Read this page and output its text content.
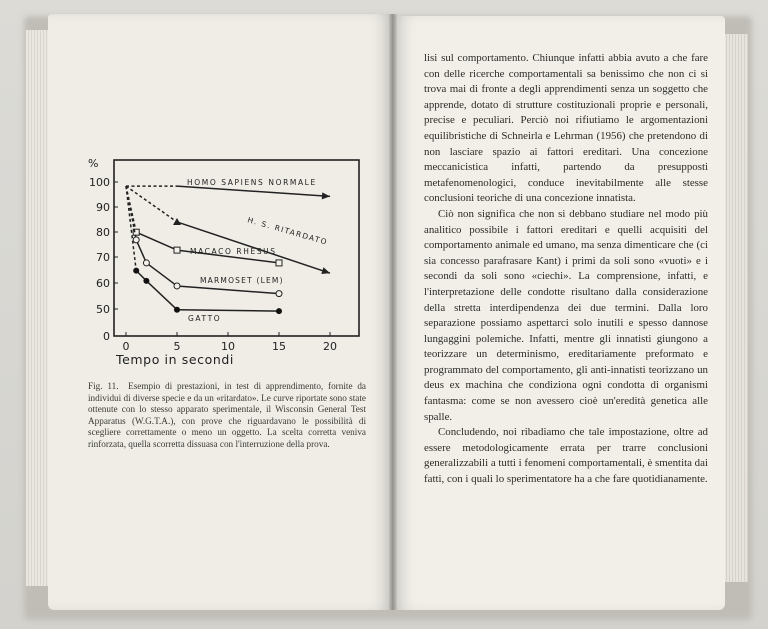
%
0
50
60
70
80
90
100
0	5	10	15	20
HOMO SAPIENS NORMALE
H. S. RITARDATO
MACACO RHESUS
MARMOSET (LEM)
GATTO
Tempo in secondi

Fig. 11. Esempio di prestazioni, in test di apprendimento, fornite da individui di diverse specie e da un «ritardato». Le curve riportate sono state ottenute con lo stesso apparato sperimentale, il Wisconsin General Test Apparatus (W.G.T.A.), con prove che riguardavano le possibilità di scegliere correttamente o meno un oggetto. La scelta corretta veniva rinforzata, quella scorretta dissuasa con l'interruzione della prova.

lisi sul comportamento. Chiunque infatti abbia avuto a che fare con delle ricerche comportamentali sa benissimo che non ci si trova mai di fronte a degli apprendimenti senza un soggetto che apprende, dotato di strutture costituzionali proprie e personali, precise e peculiari. Perciò noi rifiutiamo le argomentazioni equilibristiche di Schneirla e Lehrman (1956) che pretendono di non lasciare spazio ai fattori ereditari. Una concezione meccanicistica infatti, partendo da presupposti metafenomenologici, conduce inevitabilmente alle stesse conclusioni teoriche di una concezione innatista.

Ciò non significa che non si debbano studiare nel modo più analitico possibile i fattori ereditari e quelli acquisiti del comportamento animale ed umano, ma senza dimenticare che (ci sia concesso parafrasare Kant) i primi da soli sono «vuoti» e i secondi da soli sono «ciechi». La comprensione, infatti, e l'interpretazione delle condotte risultano dalla considerazione della stretta interdipendenza dei due termini. Dalla loro separazione possiamo aspettarci solo inutili e spesso dannose lungaggini polemiche. Infatti, mentre gli innatisti giungono a teorizzare un determinismo, ereditariamente preformato e programmato del comportamento, gli anti-innatisti teorizzano un deus ex machina che condiziona ogni condotta di organismi fantasma: come se non avessero cioè un'eredità genetica alle spalle.

Concludendo, noi ribadiamo che tale impostazione, oltre ad essere metodologicamente errata per trarre conclusioni generalizzabili a tutti i fenomeni comportamentali, è smentita dai fatti, con i quali lo sperimentatore ha a che fare quotidianamente.
